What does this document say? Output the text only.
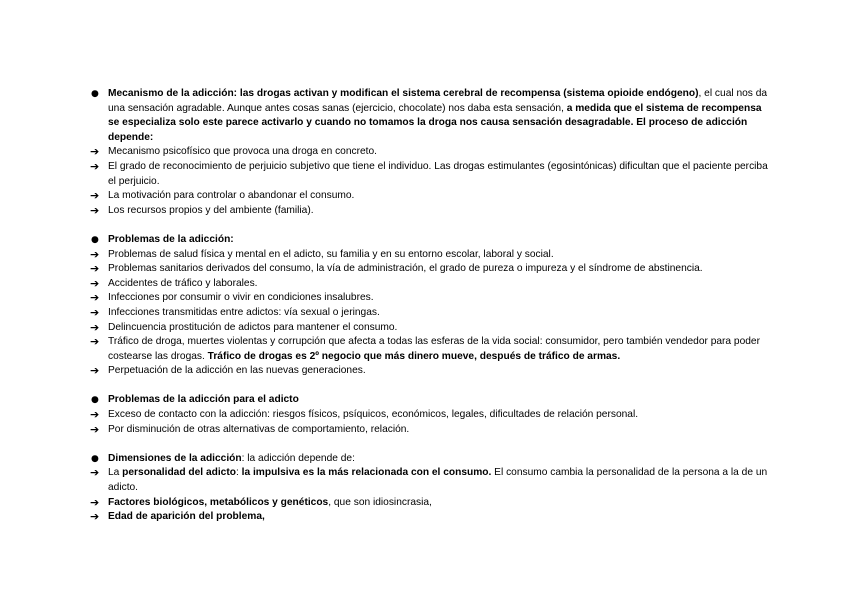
● Mecanismo de la adicción: las drogas activan y modifican el sistema cerebral de recompensa (sistema opioide endógeno), el cual nos da una sensación agradable. Aunque antes cosas sanas (ejercicio, chocolate) nos daba esta sensación, a medida que el sistema de recompensa se especializa solo este parece activarlo y cuando no tomamos la droga nos causa sensación desagradable. El proceso de adicción depende:
➔ Mecanismo psicofísico que provoca una droga en concreto.
➔ El grado de reconocimiento de perjuicio subjetivo que tiene el individuo. Las drogas estimulantes (egosintónicas) dificultan que el paciente perciba el perjuicio.
➔ La motivación para controlar o abandonar el consumo.
➔ Los recursos propios y del ambiente (familia).
● Problemas de la adicción:
➔ Problemas de salud física y mental en el adicto, su familia y en su entorno escolar, laboral y social.
➔ Problemas sanitarios derivados del consumo, la vía de administración, el grado de pureza o impureza y el síndrome de abstinencia.
➔ Accidentes de tráfico y laborales.
➔ Infecciones por consumir o vivir en condiciones insalubres.
➔ Infecciones transmitidas entre adictos: vía sexual o jeringas.
➔ Delincuencia prostitución de adictos para mantener el consumo.
➔ Tráfico de droga, muertes violentas y corrupción que afecta a todas las esferas de la vida social: consumidor, pero también vendedor para poder costearse las drogas. Tráfico de drogas es 2º negocio que más dinero mueve, después de tráfico de armas.
➔ Perpetuación de la adicción en las nuevas generaciones.
● Problemas de la adicción para el adicto
➔ Exceso de contacto con la adicción: riesgos físicos, psíquicos, económicos, legales, dificultades de relación personal.
➔ Por disminución de otras alternativas de comportamiento, relación.
● Dimensiones de la adicción: la adicción depende de:
➔ La personalidad del adicto: la impulsiva es la más relacionada con el consumo. El consumo cambia la personalidad de la persona a la de un adicto.
➔ Factores biológicos, metabólicos y genéticos, que son idiosincrasia,
➔ Edad de aparición del problema,
